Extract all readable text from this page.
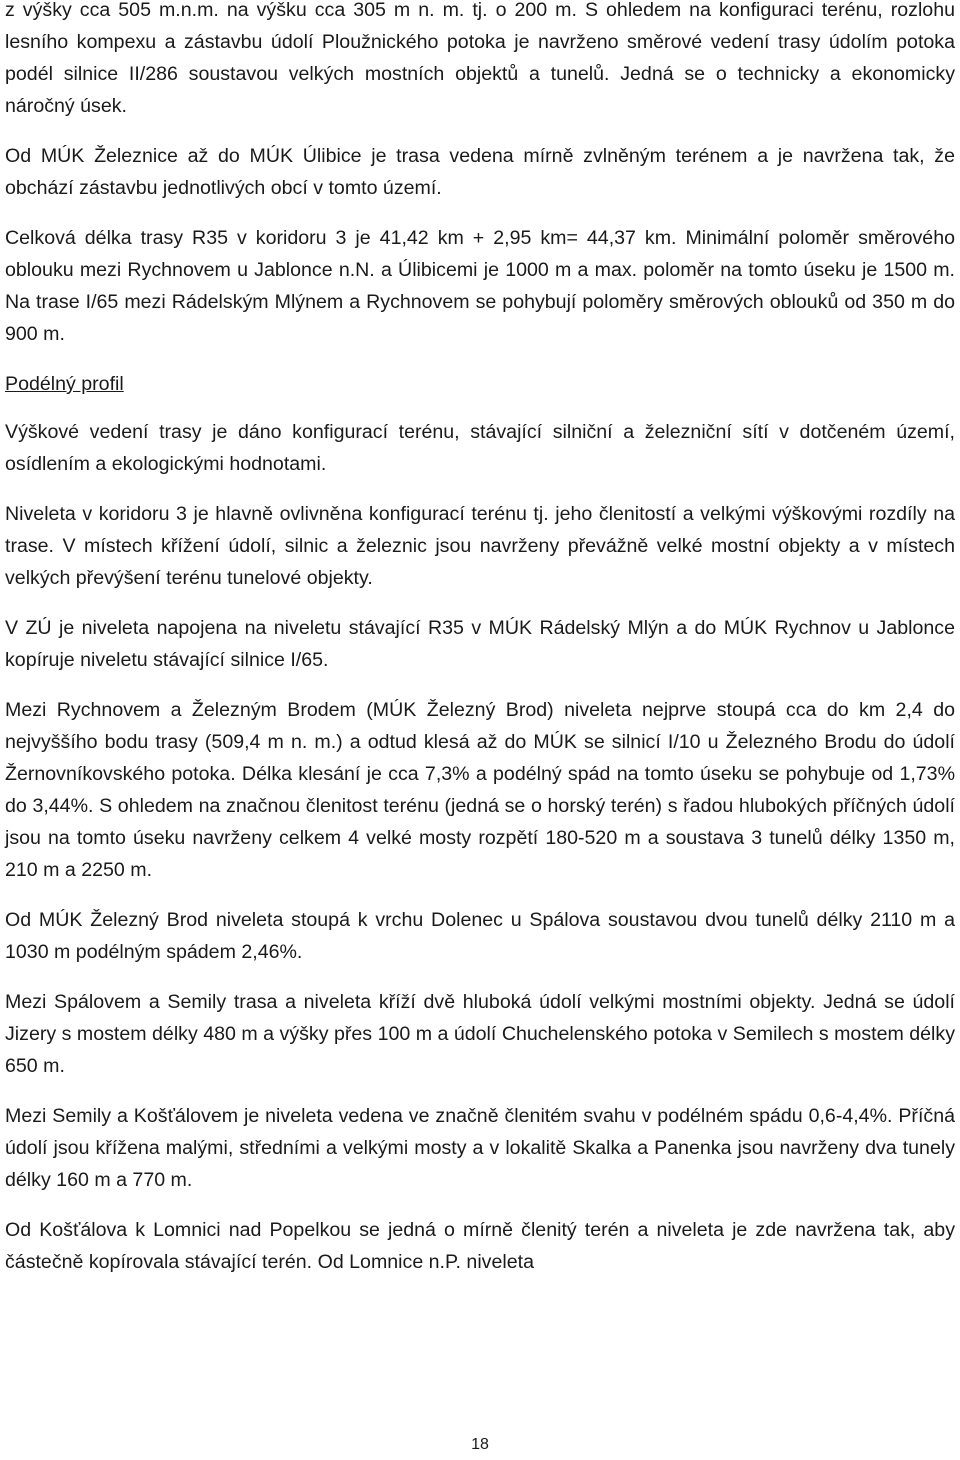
z výšky cca 505 m.n.m. na výšku cca 305 m n. m. tj. o 200 m. S ohledem na konfiguraci terénu, rozlohu lesního kompexu a zástavbu údolí Ploužnického potoka je navrženo směrové vedení trasy údolím potoka podél silnice II/286 soustavou velkých mostních objektů a tunelů. Jedná se o technicky a ekonomicky náročný úsek.

Od MÚK Železnice až do MÚK Úlibice je trasa vedena mírně zvlněným terénem a je navržena tak, že obchází zástavbu jednotlivých obcí v tomto území.

Celková délka trasy R35 v koridoru 3 je 41,42 km + 2,95 km= 44,37 km. Minimální poloměr směrového oblouku mezi Rychnovem u Jablonce n.N. a Úlibicemi je 1000 m a max. poloměr na tomto úseku je 1500 m. Na trase I/65 mezi Rádelským Mlýnem a Rychnovem se pohybují poloměry směrových oblouků od 350 m do 900 m.

Podélný profil

Výškové vedení trasy je dáno konfigurací terénu, stávající silniční a železniční sítí v dotčeném území, osídlením a ekologickými hodnotami.

Niveleta v koridoru 3 je hlavně ovlivněna konfigurací terénu tj. jeho členitostí a velkými výškovými rozdíly na trase. V místech křížení údolí, silnic a železnic jsou navrženy převážně velké mostní objekty a v místech velkých převýšení terénu tunelové objekty.

V ZÚ je niveleta napojena na niveletu stávající R35 v MÚK Rádelský Mlýn a do MÚK Rychnov u Jablonce kopíruje niveletu stávající silnice I/65.

Mezi Rychnovem a Železným Brodem (MÚK Železný Brod) niveleta nejprve stoupá cca do km 2,4 do nejvyššího bodu trasy (509,4 m n. m.) a odtud klesá až do MÚK se silnicí I/10 u Železného Brodu do údolí Žernovníkovského potoka. Délka klesání je cca 7,3% a podélný spád na tomto úseku se pohybuje od 1,73% do 3,44%. S ohledem na značnou členitost terénu (jedná se o horský terén) s řadou hlubokých příčných údolí jsou na tomto úseku navrženy celkem 4 velké mosty rozpětí 180-520 m a soustava 3 tunelů délky 1350 m, 210 m a 2250 m.

Od MÚK Železný Brod niveleta stoupá k vrchu Dolenec u Spálova soustavou dvou tunelů délky 2110 m a 1030 m podélným spádem 2,46%.

Mezi Spálovem a Semily trasa a niveleta kříží dvě hluboká údolí velkými mostními objekty. Jedná se údolí Jizery s mostem délky 480 m a výšky přes 100 m a údolí Chuchelenského potoka v Semilech s mostem délky 650 m.

Mezi Semily a Košťálovem je niveleta vedena ve značně členitém svahu v podélném spádu 0,6-4,4%. Příčná údolí jsou křížena malými, středními a velkými mosty a v lokalitě Skalka a Panenka jsou navrženy dva tunely délky 160 m a 770 m.

Od Košťálova k Lomnici nad Popelkou se jedná o mírně členitý terén a niveleta je zde navržena tak, aby částečně kopírovala stávající terén. Od Lomnice n.P. niveleta

18
